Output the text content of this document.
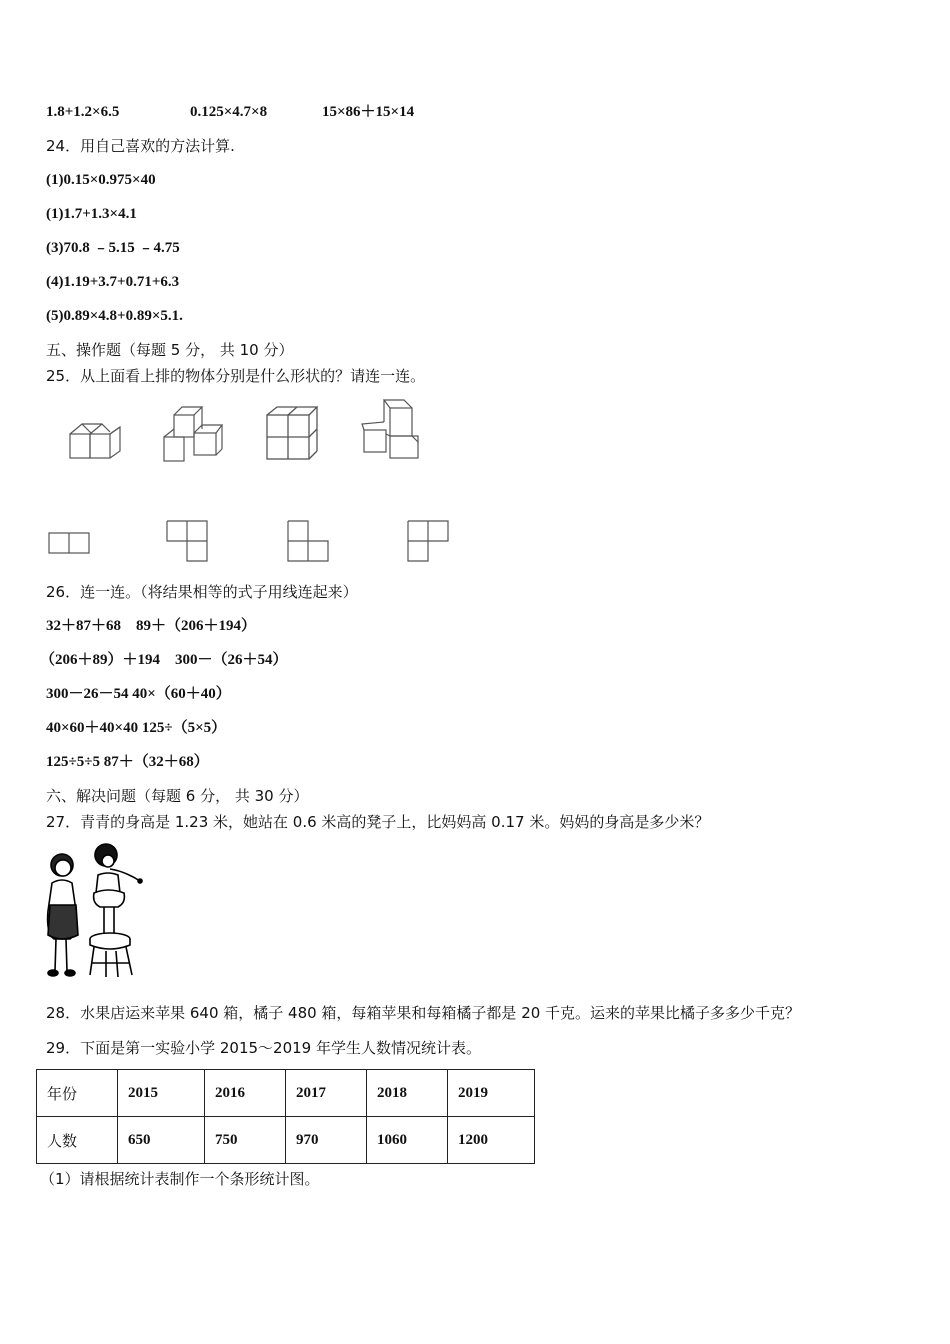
1.8+1.2×6.5	0.125×4.7×8	15×86＋15×14
24．用自己喜欢的方法计算.
(1)0.15×0.975×40
(1)1.7+1.3×4.1
(3)70.8 ﹣5.15 ﹣4.75
(4)1.19+3.7+0.71+6.3
(5)0.89×4.8+0.89×5.1.
五、操作题（每题 5 分， 共 10 分）
25．从上面看上排的物体分别是什么形状的？请连一连。
26．连一连。（将结果相等的式子用线连起来）
32＋87＋68　89＋（206＋194）
（206＋89）＋194　300－（26＋54）
300－26－54 40×（60＋40）
40×60＋40×40 125÷（5×5）
125÷5÷5 87＋（32＋68）
六、解决问题（每题 6 分， 共 30 分）
27．青青的身高是 1.23 米，她站在 0.6 米高的凳子上，比妈妈高 0.17 米。妈妈的身高是多少米？
28．水果店运来苹果 640 箱，橘子 480 箱，每箱苹果和每箱橘子都是 20 千克。运来的苹果比橘子多多少千克？
29．下面是第一实验小学 2015～2019 年学生人数情况统计表。
年份	2015	2016	2017	2018	2019
人数	650	750	970	1060	1200
（1）请根据统计表制作一个条形统计图。
